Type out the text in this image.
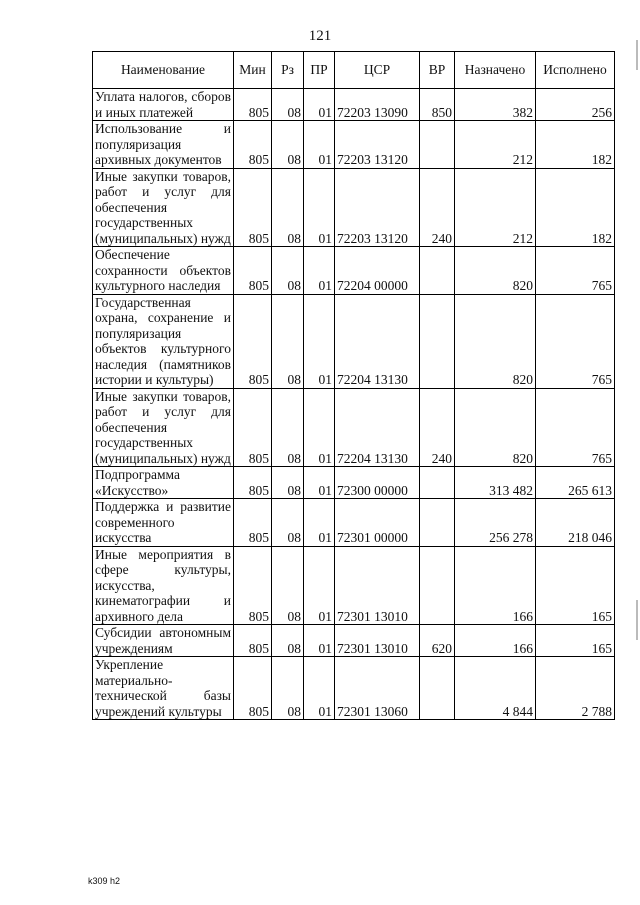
121
Наименование	Мин	Рз	ПР	ЦСР	ВР	Назначено	Исполнено
Уплата налогов, сборов и иных платежей	805	08	01	72203 13090	850	382	256
Использование и популяризация архивных документов	805	08	01	72203 13120		212	182
Иные закупки товаров, работ и услуг для обеспечения государственных (муниципальных) нужд	805	08	01	72203 13120	240	212	182
Обеспечение сохранности объектов культурного наследия	805	08	01	72204 00000		820	765
Государственная охрана, сохранение и популяризация объектов культурного наследия (памятников истории и культуры)	805	08	01	72204 13130		820	765
Иные закупки товаров, работ и услуг для обеспечения государственных (муниципальных) нужд	805	08	01	72204 13130	240	820	765
Подпрограмма «Искусство»	805	08	01	72300 00000		313 482	265 613
Поддержка и развитие современного искусства	805	08	01	72301 00000		256 278	218 046
Иные мероприятия в сфере культуры, искусства, кинематографии и архивного дела	805	08	01	72301 13010		166	165
Субсидии автономным учреждениям	805	08	01	72301 13010	620	166	165
Укрепление материально-технической базы учреждений культуры	805	08	01	72301 13060		4 844	2 788
k309 h2
